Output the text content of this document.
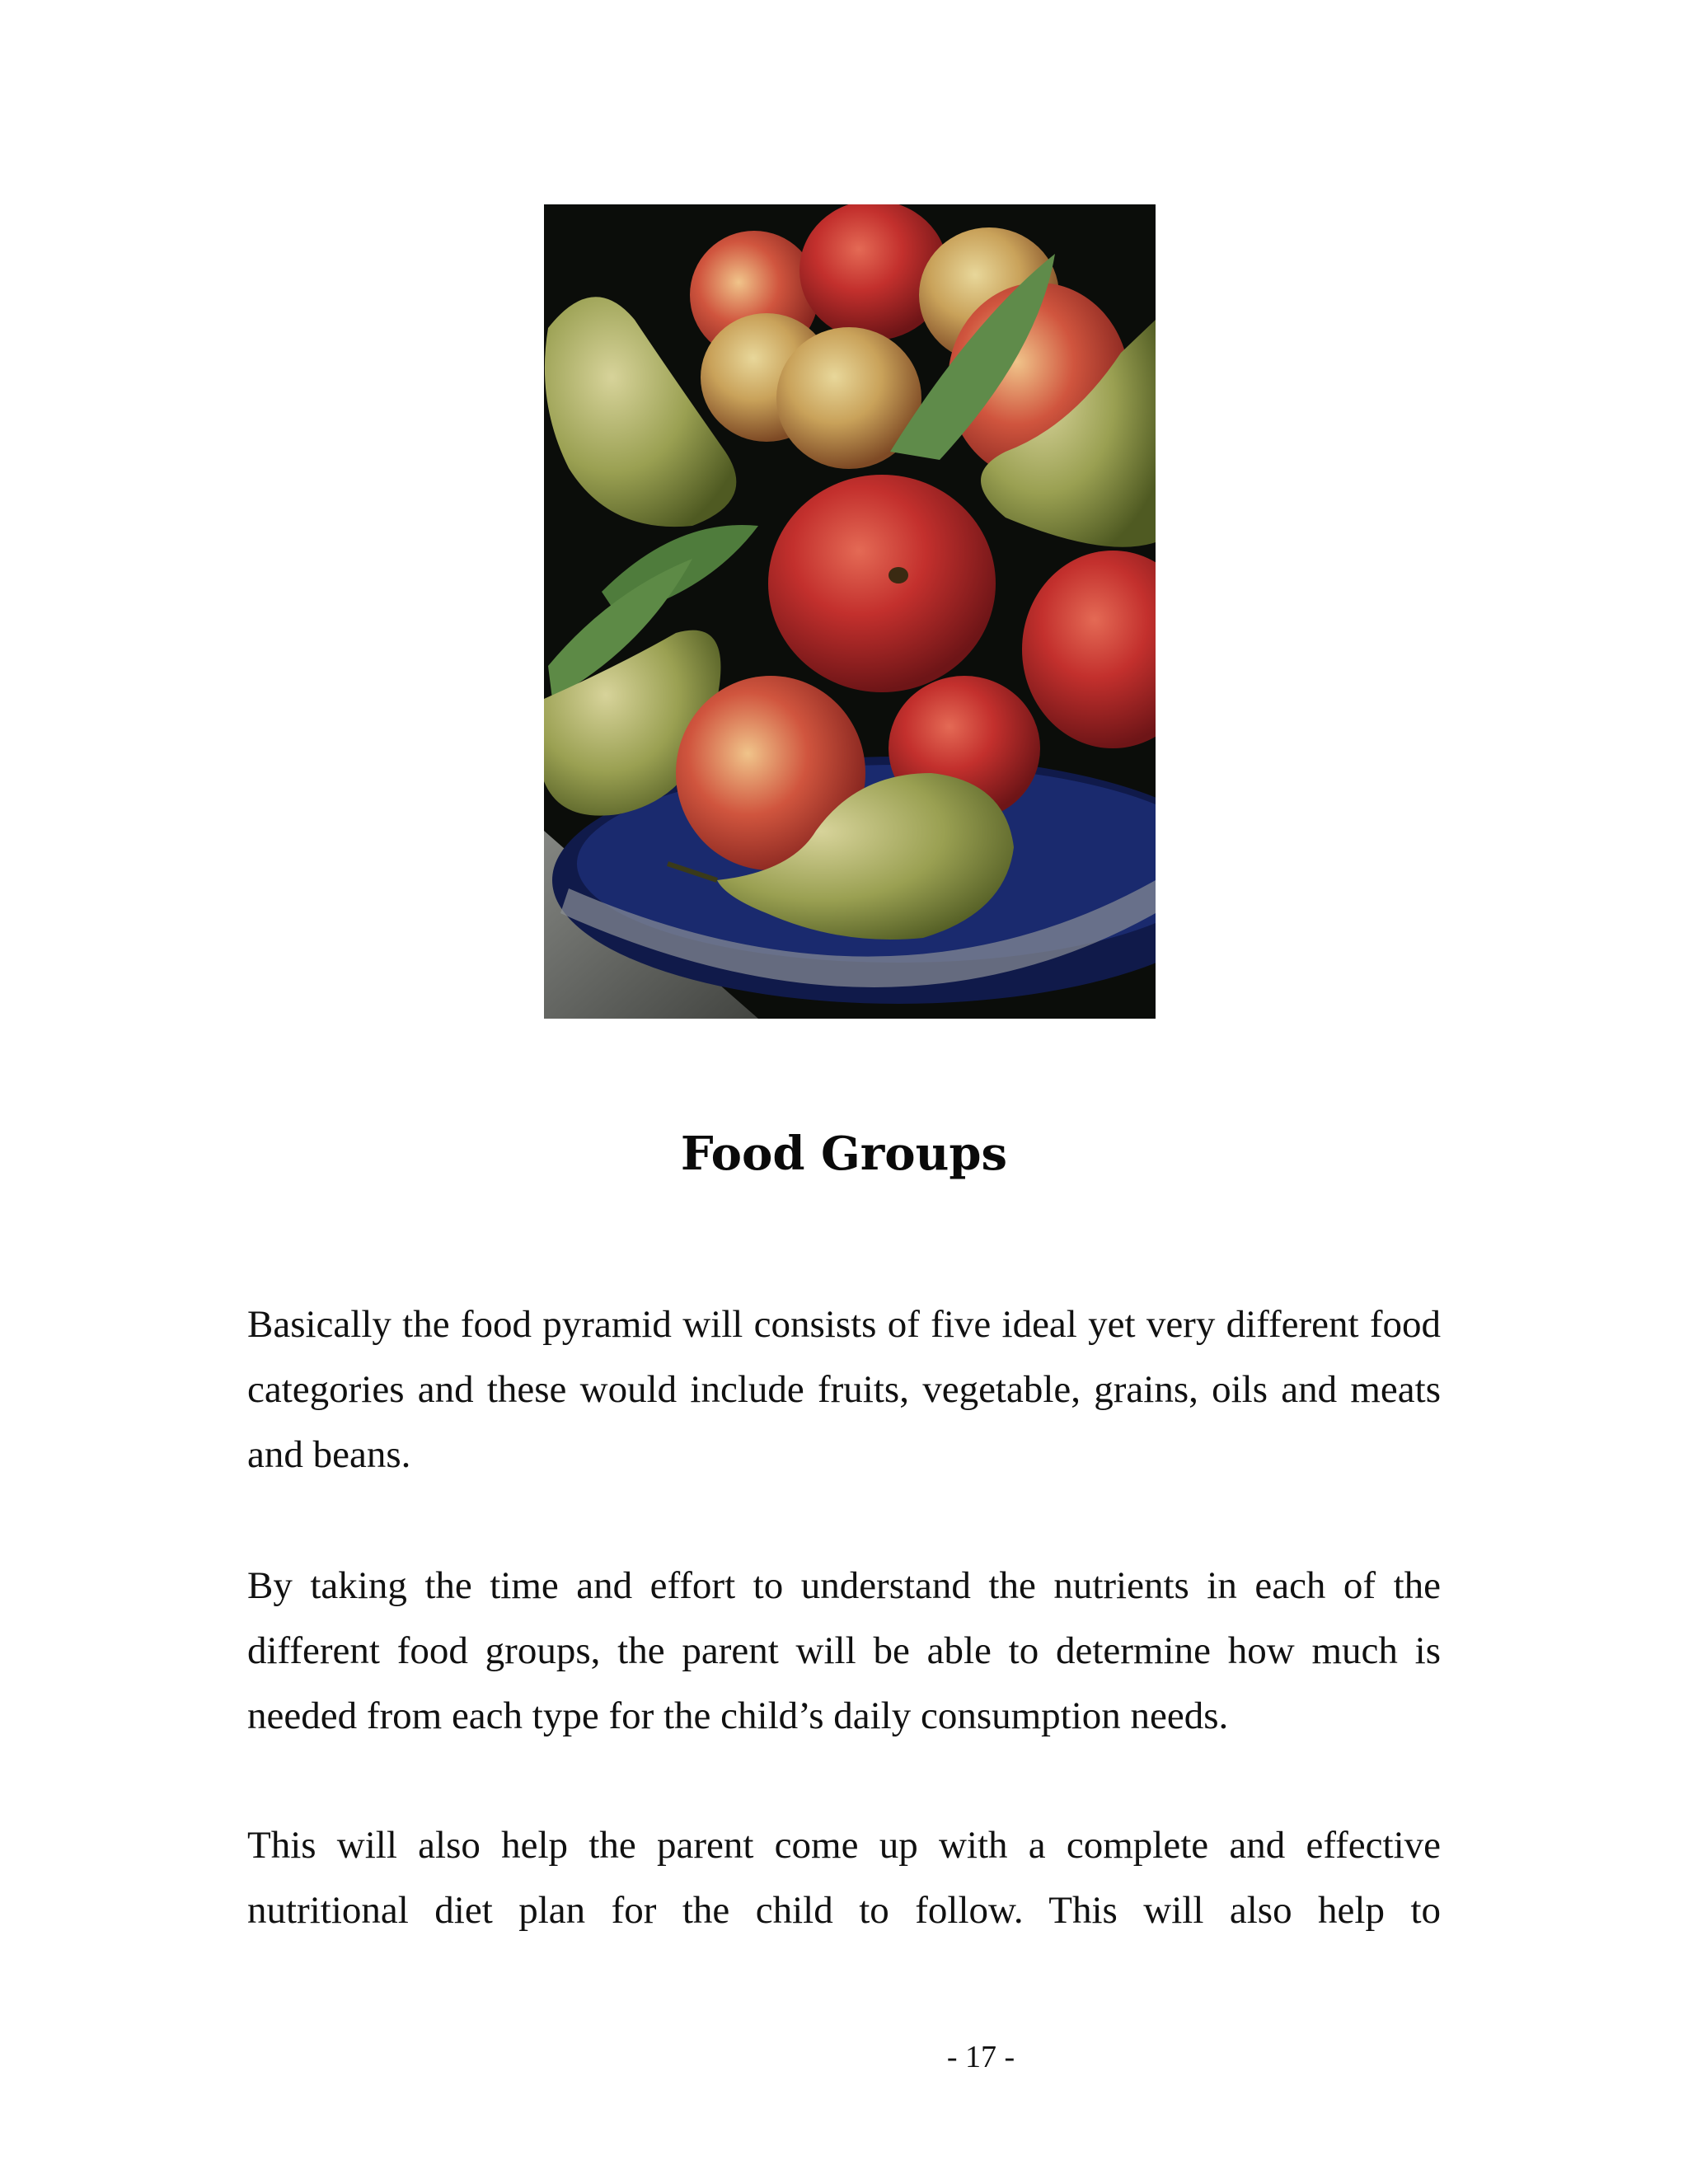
Food Groups

Basically the food pyramid will consists of five ideal yet very different food categories and these would include fruits, vegetable, grains, oils and meats and beans.

By taking the time and effort to understand the nutrients in each of the different food groups, the parent will be able to determine how much is needed from each type for the child’s daily consumption needs.

This will also help the parent come up with a complete and effective nutritional diet plan for the child to follow. This will also help to

- 17 -
